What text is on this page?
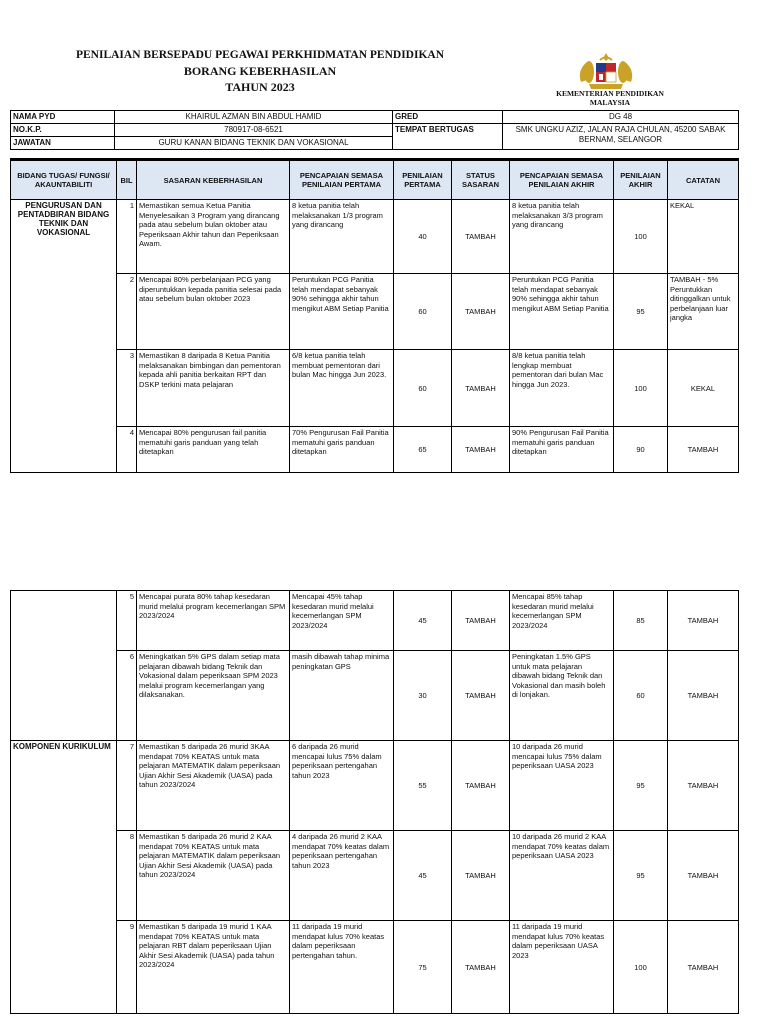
PENILAIAN BERSEPADU PEGAWAI PERKHIDMATAN PENDIDIKAN
BORANG KEBERHASILAN
TAHUN 2023	KEMENTERIAN PENDIDIKAN MALAYSIA
NAMA PYD	KHAIRUL AZMAN BIN ABDUL HAMID	GRED	DG 48
NO.K.P.	780917-08-6521	TEMPAT BERTUGAS	SMK UNGKU AZIZ, JALAN RAJA CHULAN, 45200 SABAK BERNAM, SELANGOR
JAWATAN	GURU KANAN BIDANG TEKNIK DAN VOKASIONAL		
BIDANG TUGAS/ FUNGSI/ AKAUNTABILITI	BIL	SASARAN KEBERHASILAN	PENCAPAIAN SEMASA PENILAIAN PERTAMA	PENILAIAN PERTAMA	STATUS SASARAN	PENCAPAIAN SEMASA PENILAIAN AKHIR	PENILAIAN AKHIR	CATATAN
PENGURUSAN DAN PENTADBIRAN BIDANG TEKNIK DAN VOKASIONAL	1	Memastikan semua Ketua Panitia Menyelesaikan 3 Program yang dirancang pada atau sebelum bulan oktober atau Peperiksaan Akhir tahun dan Peperiksaan Awam.	8 ketua panitia telah melaksanakan 1/3 program yang dirancang	40	TAMBAH	8 ketua panitia telah melaksanakan 3/3 program yang dirancang	100	KEKAL
	2	Mencapai 80% perbelanjaan PCG yang diperuntukkan kepada panitia selesai pada atau sebelum bulan oktober 2023	Peruntukan PCG Panitia telah mendapat sebanyak 90% sehingga akhir tahun mengikut ABM Setiap Panitia	60	TAMBAH	Peruntukan PCG Panitia telah mendapat sebanyak 90% sehingga akhir tahun mengikut ABM Setiap Panitia	95	TAMBAH - 5% Peruntukkan ditinggalkan untuk perbelanjaan luar jangka
	3	Memastikan 8 daripada 8 Ketua Panitia melaksanakan bimbingan dan pementoran kepada ahli panitia berkaitan RPT dan DSKP terkini mata pelajaran	6/8 ketua panitia telah membuat pementoran dari bulan Mac hingga Jun 2023.	60	TAMBAH	8/8 ketua panitia telah lengkap membuat pementoran dari bulan Mac hingga Jun 2023.	100	KEKAL
	4	Mencapai 80% pengurusan fail panitia mematuhi garis panduan yang telah ditetapkan	70% Pengurusan Fail Panitia mematuhi garis panduan ditetapkan	65	TAMBAH	90% Pengurusan Fail Panitia mematuhi garis panduan ditetapkan	90	TAMBAH
	5	Mencapai purata 80% tahap kesedaran murid melalui program kecemerlangan SPM 2023/2024	Mencapai 45% tahap kesedaran murid melalui kecemerlangan SPM 2023/2024	45	TAMBAH	Mencapai 85% tahap kesedaran murid melalui kecemerlangan SPM 2023/2024	85	TAMBAH
	6	Meningkatkan 5% GPS dalam setiap mata pelajaran dibawah bidang Teknik dan Vokasional dalam peperiksaan SPM 2023 melalui program kecemerlangan yang dilaksanakan.	masih dibawah tahap minima peningkatan GPS	30	TAMBAH	Peningkatan 1.5% GPS untuk mata pelajaran dibawah bidang Teknik dan Vokasional dan masih boleh di lonjakan.	60	TAMBAH
KOMPONEN KURIKULUM	7	Memastikan 5 daripada 26 murid 3KAA mendapat 70% KEATAS untuk mata pelajaran MATEMATIK dalam peperiksaan Ujian Akhir Sesi Akademik (UASA) pada tahun 2023/2024	6 daripada 26 murid mencapai lulus 75% dalam peperiksaan pertengahan tahun 2023	55	TAMBAH	10 daripada 26 murid mencapai lulus 75% dalam peperiksaan UASA 2023	95	TAMBAH
	8	Memastikan 5 daripada 26 murid 2 KAA mendapat 70% KEATAS untuk mata pelajaran MATEMATIK dalam peperiksaan Ujian Akhir Sesi Akademik (UASA) pada tahun 2023/2024	4 daripada 26 murid 2 KAA mendapat 70% keatas dalam peperiksaan pertengahan tahun 2023	45	TAMBAH	10 daripada 26 murid 2 KAA mendapat 70% keatas dalam peperiksaan UASA 2023	95	TAMBAH
	9	Memastikan 5 daripada 19 murid 1 KAA mendapat 70% KEATAS untuk mata pelajaran RBT dalam peperiksaan Ujian Akhir Sesi Akademik (UASA) pada tahun 2023/2024	11 daripada 19 murid mendapat lulus 70% keatas dalam peperiksaan pertengahan tahun.	75	TAMBAH	11 daripada 19 murid mendapat lulus 70% keatas dalam peperiksaan UASA 2023	100	TAMBAH
